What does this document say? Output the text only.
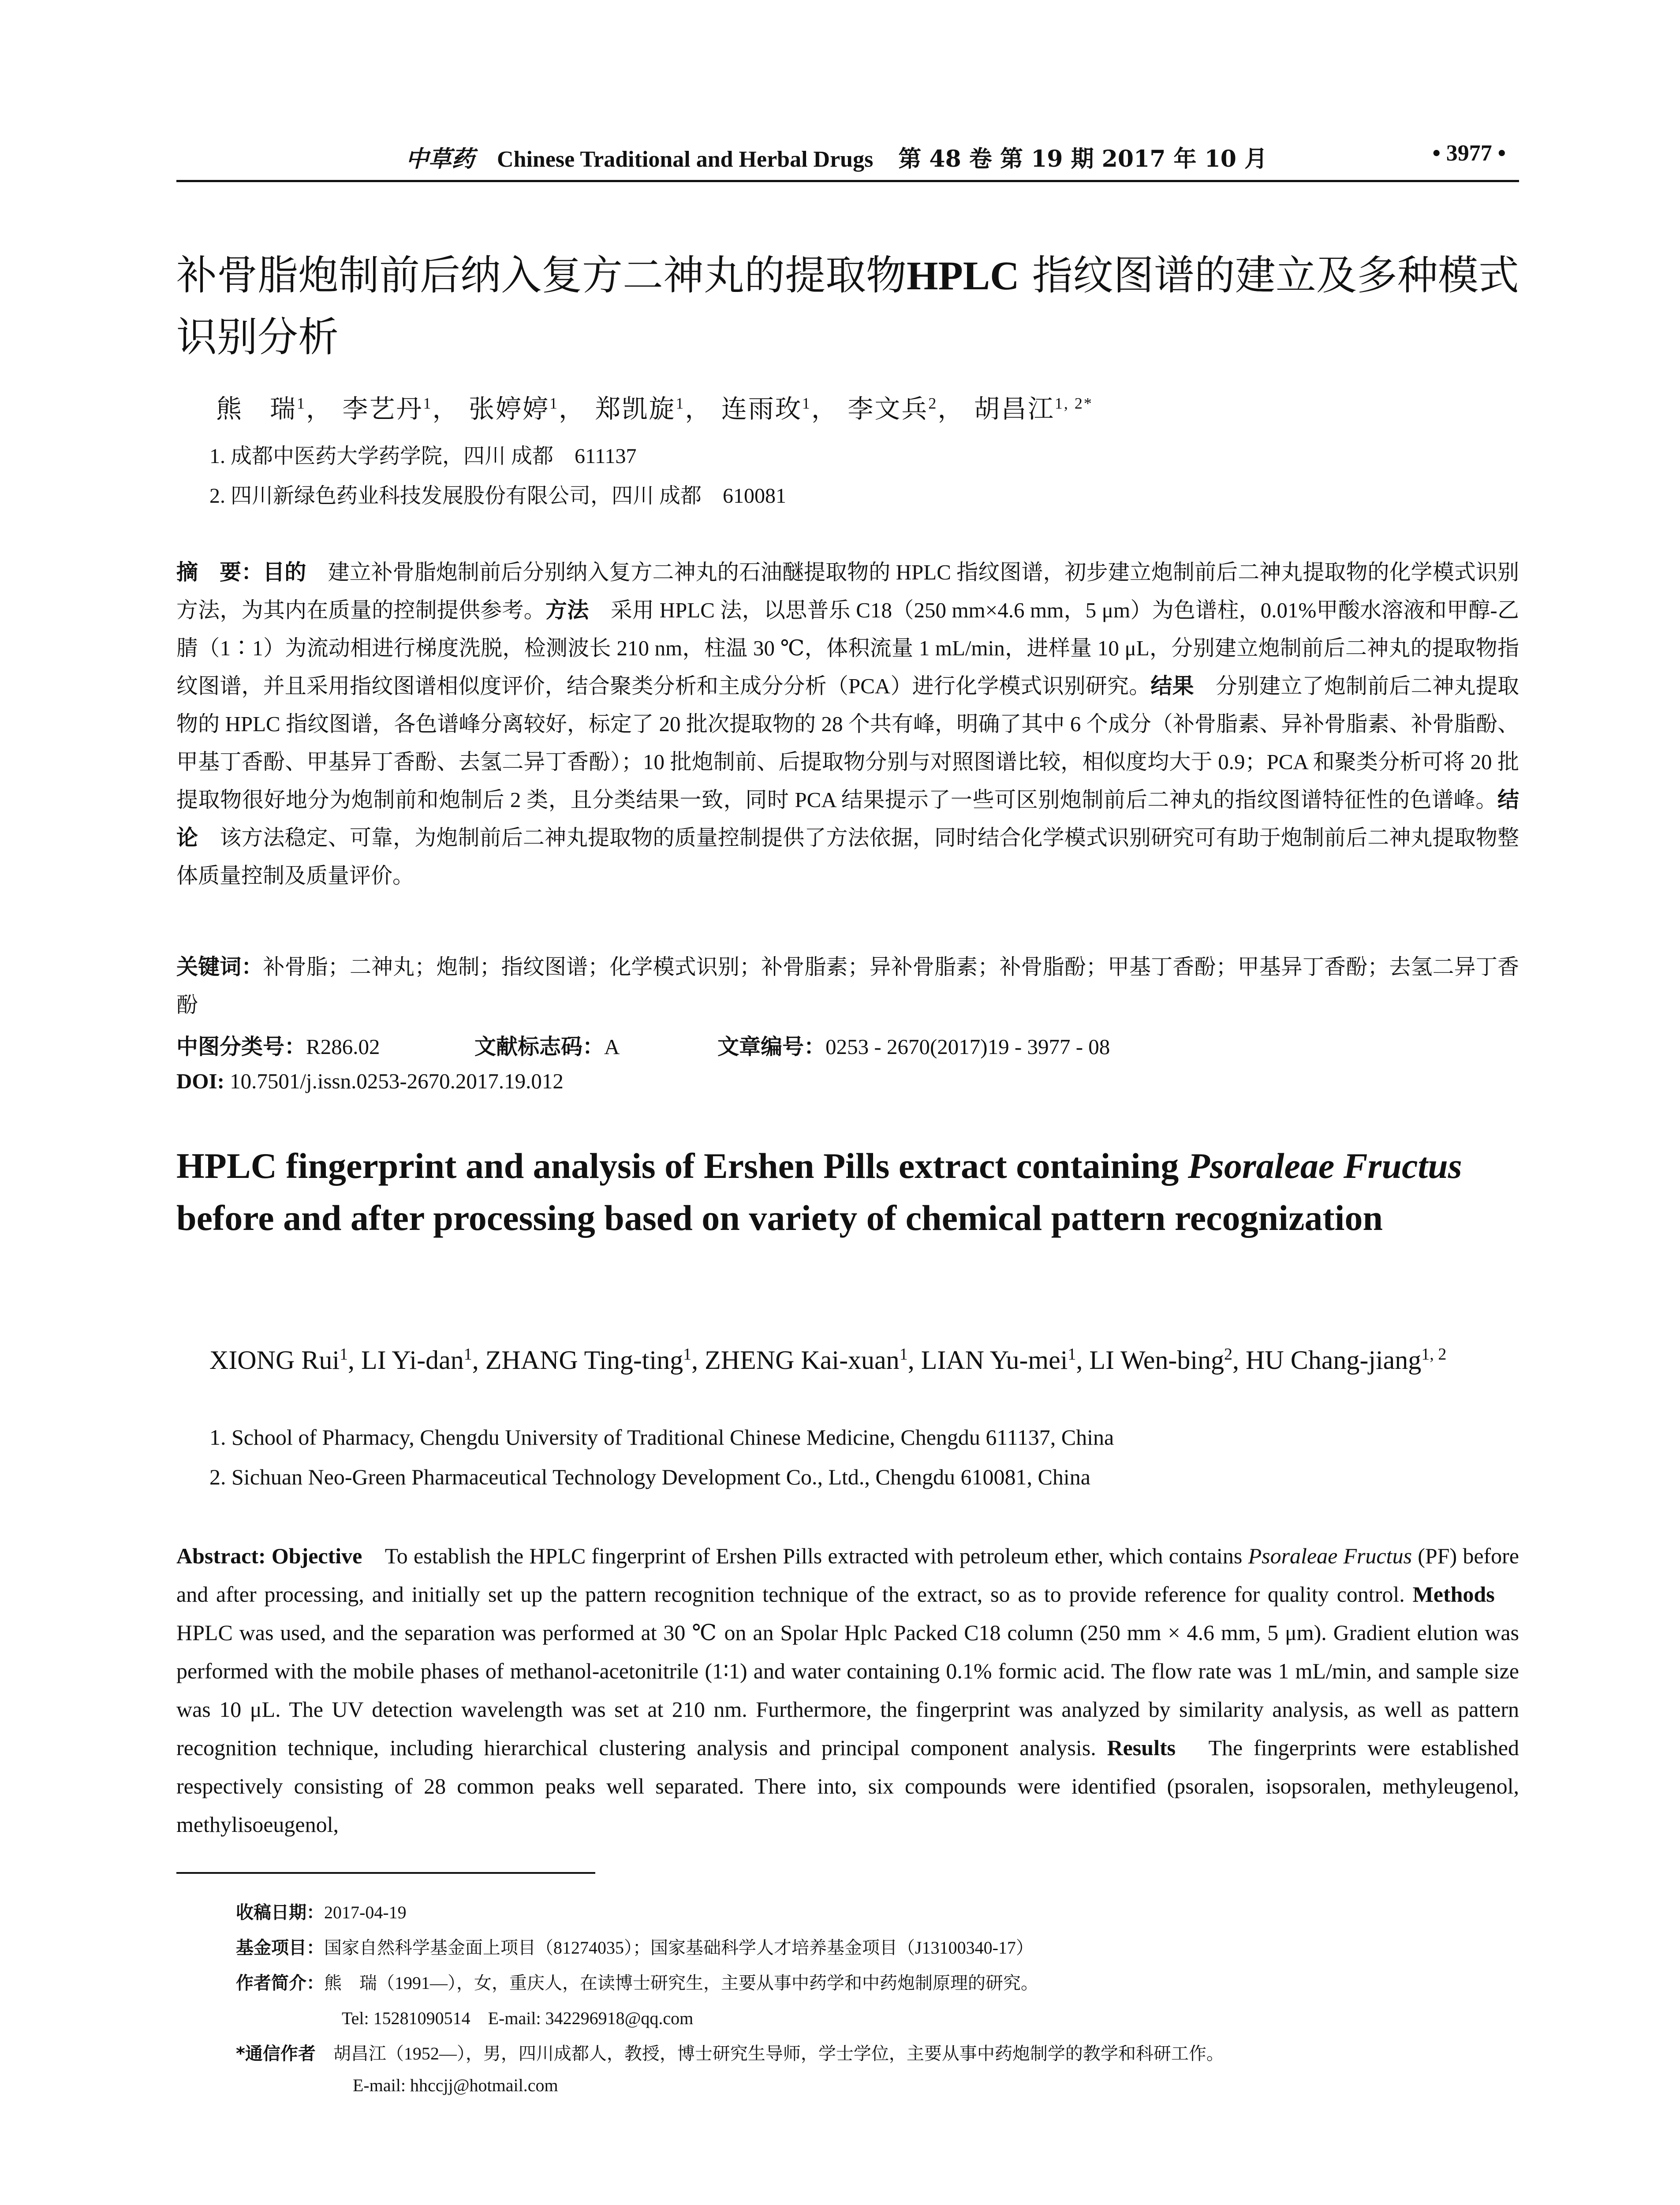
中草药 Chinese Traditional and Herbal Drugs 第 48 卷 第 19 期 2017 年 10 月	• 3977 •
补骨脂炮制前后纳入复方二神丸的提取物HPLC 指纹图谱的建立及多种模式识别分析
熊　瑞$^1$， 李艺丹$^1$， 张婷婷$^1$， 郑凯旋$^1$， 连雨玫$^1$， 李文兵$^2$， 胡昌江$^{1, 2*}$
1. 成都中医药大学药学院，四川 成都　611137
2. 四川新绿色药业科技发展股份有限公司，四川 成都　610081
摘　要：目的　建立补骨脂炮制前后分别纳入复方二神丸的石油醚提取物的 HPLC 指纹图谱，初步建立炮制前后二神丸提取物的化学模式识别方法，为其内在质量的控制提供参考。方法　采用 HPLC 法，以思普乐 C18（250 mm×4.6 mm，5 μm）为色谱柱，0.01%甲酸水溶液和甲醇-乙腈（1∶1）为流动相进行梯度洗脱，检测波长 210 nm，柱温 30 ℃，体积流量 1 mL/min，进样量 10 μL，分别建立炮制前后二神丸的提取物指纹图谱，并且采用指纹图谱相似度评价，结合聚类分析和主成分分析（PCA）进行化学模式识别研究。结果　分别建立了炮制前后二神丸提取物的 HPLC 指纹图谱，各色谱峰分离较好，标定了 20 批次提取物的 28 个共有峰，明确了其中 6 个成分（补骨脂素、异补骨脂素、补骨脂酚、甲基丁香酚、甲基异丁香酚、去氢二异丁香酚）；10 批炮制前、后提取物分别与对照图谱比较，相似度均大于 0.9；PCA 和聚类分析可将 20 批提取物很好地分为炮制前和炮制后 2 类，且分类结果一致，同时 PCA 结果提示了一些可区别炮制前后二神丸的指纹图谱特征性的色谱峰。结论　该方法稳定、可靠，为炮制前后二神丸提取物的质量控制提供了方法依据，同时结合化学模式识别研究可有助于炮制前后二神丸提取物整体质量控制及质量评价。
关键词：补骨脂；二神丸；炮制；指纹图谱；化学模式识别；补骨脂素；异补骨脂素；补骨脂酚；甲基丁香酚；甲基异丁香酚；去氢二异丁香酚
中图分类号：R286.02	文献标志码：A	文章编号：0253 - 2670(2017)19 - 3977 - 08
DOI: 10.7501/j.issn.0253-2670.2017.19.012
HPLC fingerprint and analysis of Ershen Pills extract containing Psoraleae Fructus before and after processing based on variety of chemical pattern recognization
XIONG Rui$^1$, LI Yi-dan$^1$, ZHANG Ting-ting$^1$, ZHENG Kai-xuan$^1$, LIAN Yu-mei$^1$, LI Wen-bing$^2$, HU Chang-jiang$^{1, 2}$
1. School of Pharmacy, Chengdu University of Traditional Chinese Medicine, Chengdu 611137, China
2. Sichuan Neo-Green Pharmaceutical Technology Development Co., Ltd., Chengdu 610081, China
Abstract: Objective　To establish the HPLC fingerprint of Ershen Pills extracted with petroleum ether, which contains Psoraleae Fructus (PF) before and after processing, and initially set up the pattern recognition technique of the extract, so as to provide reference for quality control. Methods　HPLC was used, and the separation was performed at 30 ℃ on an Spolar Hplc Packed C18 column (250 mm × 4.6 mm, 5 μm). Gradient elution was performed with the mobile phases of methanol-acetonitrile (1∶1) and water containing 0.1% formic acid. The flow rate was 1 mL/min, and sample size was 10 μL. The UV detection wavelength was set at 210 nm. Furthermore, the fingerprint was analyzed by similarity analysis, as well as pattern recognition technique, including hierarchical clustering analysis and principal component analysis. Results　The fingerprints were established respectively consisting of 28 common peaks well separated. There into, six compounds were identified (psoralen, isopsoralen, methyleugenol, methylisoeugenol,
收稿日期：2017-04-19
基金项目：国家自然科学基金面上项目（81274035）；国家基础科学人才培养基金项目（J13100340-17）
作者简介：熊　瑞（1991—），女，重庆人，在读博士研究生，主要从事中药学和中药炮制原理的研究。
Tel: 15281090514　E-mail: 342296918@qq.com
*通信作者　胡昌江（1952—），男，四川成都人，教授，博士研究生导师，学士学位，主要从事中药炮制学的教学和科研工作。
E-mail: hhccjj@hotmail.com
